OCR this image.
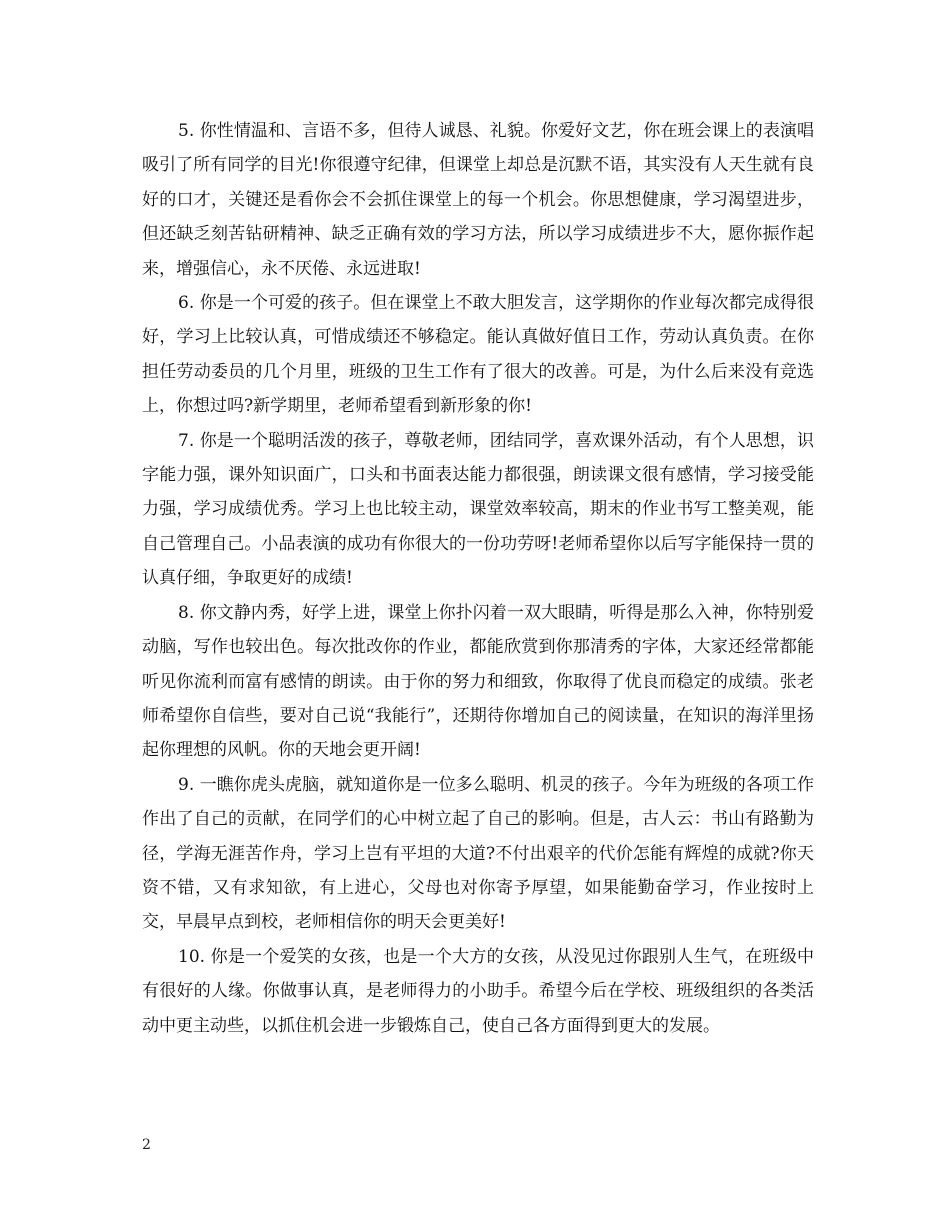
5. 你性情温和、言语不多，但待人诚恳、礼貌。你爱好文艺，你在班会课上的表演唱吸引了所有同学的目光!你很遵守纪律，但课堂上却总是沉默不语，其实没有人天生就有良好的口才，关键还是看你会不会抓住课堂上的每一个机会。你思想健康，学习渴望进步，但还缺乏刻苦钻研精神、缺乏正确有效的学习方法，所以学习成绩进步不大，愿你振作起来，增强信心，永不厌倦、永远进取!

6. 你是一个可爱的孩子。但在课堂上不敢大胆发言，这学期你的作业每次都完成得很好，学习上比较认真，可惜成绩还不够稳定。能认真做好值日工作，劳动认真负责。在你担任劳动委员的几个月里，班级的卫生工作有了很大的改善。可是，为什么后来没有竞选上，你想过吗?新学期里，老师希望看到新形象的你!

7. 你是一个聪明活泼的孩子，尊敬老师，团结同学，喜欢课外活动，有个人思想，识字能力强，课外知识面广，口头和书面表达能力都很强，朗读课文很有感情，学习接受能力强，学习成绩优秀。学习上也比较主动，课堂效率较高，期末的作业书写工整美观，能自己管理自己。小品表演的成功有你很大的一份功劳呀!老师希望你以后写字能保持一贯的认真仔细，争取更好的成绩!

8. 你文静内秀，好学上进，课堂上你扑闪着一双大眼睛，听得是那么入神，你特别爱动脑，写作也较出色。每次批改你的作业，都能欣赏到你那清秀的字体，大家还经常都能听见你流利而富有感情的朗读。由于你的努力和细致，你取得了优良而稳定的成绩。张老师希望你自信些，要对自己说“我能行”，还期待你增加自己的阅读量，在知识的海洋里扬起你理想的风帆。你的天地会更开阔!

9. 一瞧你虎头虎脑，就知道你是一位多么聪明、机灵的孩子。今年为班级的各项工作作出了自己的贡献，在同学们的心中树立起了自己的影响。但是，古人云：书山有路勤为径，学海无涯苦作舟，学习上岂有平坦的大道?不付出艰辛的代价怎能有辉煌的成就?你天资不错，又有求知欲，有上进心，父母也对你寄予厚望，如果能勤奋学习，作业按时上交，早晨早点到校，老师相信你的明天会更美好!

10. 你是一个爱笑的女孩，也是一个大方的女孩，从没见过你跟别人生气，在班级中有很好的人缘。你做事认真，是老师得力的小助手。希望今后在学校、班级组织的各类活动中更主动些，以抓住机会进一步锻炼自己，使自己各方面得到更大的发展。

2
